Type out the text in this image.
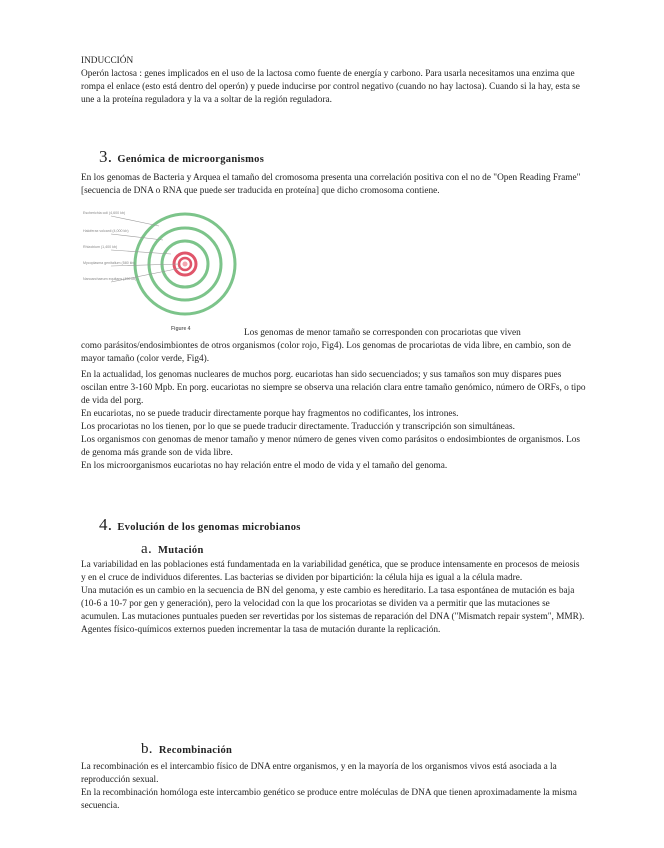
INDUCCIÓN

Operón lactosa : genes implicados en el uso de la lactosa como fuente de energía y carbono. Para usarla necesitamos una enzima que rompa el enlace (esto está dentro del operón) y puede inducirse por control negativo (cuando no hay lactosa). Cuando si la hay, esta se une a la proteína reguladora y la va a soltar de la región reguladora.

3. Genómica de microorganismos

En los genomas de Bacteria y Arquea el tamaño del cromosoma presenta una correlación positiva con el no de "Open Reading Frame" [secuencia de DNA o RNA que puede ser traducida en proteína] que dicho cromosoma contiene.

Escherichia coli (4,600 kb)
Haloferax volcanii (4,000 kb)
Rhizobium (1,400 kb)
Mycoplasma genitalium (580 kb)
Nanoarchaeum equitans (490 kb)
Figure 4	Los genomas de menor tamaño se corresponden con procariotas que viven

como parásitos/endosimbiontes de otros organismos (color rojo, Fig4). Los genomas de procariotas de vida libre, en cambio, son de mayor tamaño (color verde, Fig4).

En la actualidad, los genomas nucleares de muchos porg. eucariotas han sido secuenciados; y sus tamaños son muy dispares pues oscilan entre 3-160 Mpb. En porg. eucariotas no siempre se observa una relación clara entre tamaño genómico, número de ORFs, o tipo de vida del porg.

En eucariotas, no se puede traducir directamente porque hay fragmentos no codificantes, los intrones.

Los procariotas no los tienen, por lo que se puede traducir directamente. Traducción y transcripción son simultáneas.

Los organismos con genomas de menor tamaño y menor número de genes viven como parásitos o endosimbiontes de organismos. Los de genoma más grande son de vida libre.

En los microorganismos eucariotas no hay relación entre el modo de vida y el tamaño del genoma.

4. Evolución de los genomas microbianos
a. Mutación

La variabilidad en las poblaciones está fundamentada en la variabilidad genética, que se produce intensamente en procesos de meiosis y en el cruce de individuos diferentes. Las bacterias se dividen por bipartición: la célula hija es igual a la célula madre.

Una mutación es un cambio en la secuencia de BN del genoma, y este cambio es hereditario. La tasa espontánea de mutación es baja (10-6 a 10-7 por gen y generación), pero la velocidad con la que los procariotas se dividen va a permitir que las mutaciones se acumulen. Las mutaciones puntuales pueden ser revertidas por los sistemas de reparación del DNA ("Mismatch repair system", MMR). Agentes físico-químicos externos pueden incrementar la tasa de mutación durante la replicación.

b. Recombinación

La recombinación es el intercambio físico de DNA entre organismos, y en la mayoría de los organismos vivos está asociada a la reproducción sexual.

En la recombinación homóloga este intercambio genético se produce entre moléculas de DNA que tienen aproximadamente la misma secuencia.
